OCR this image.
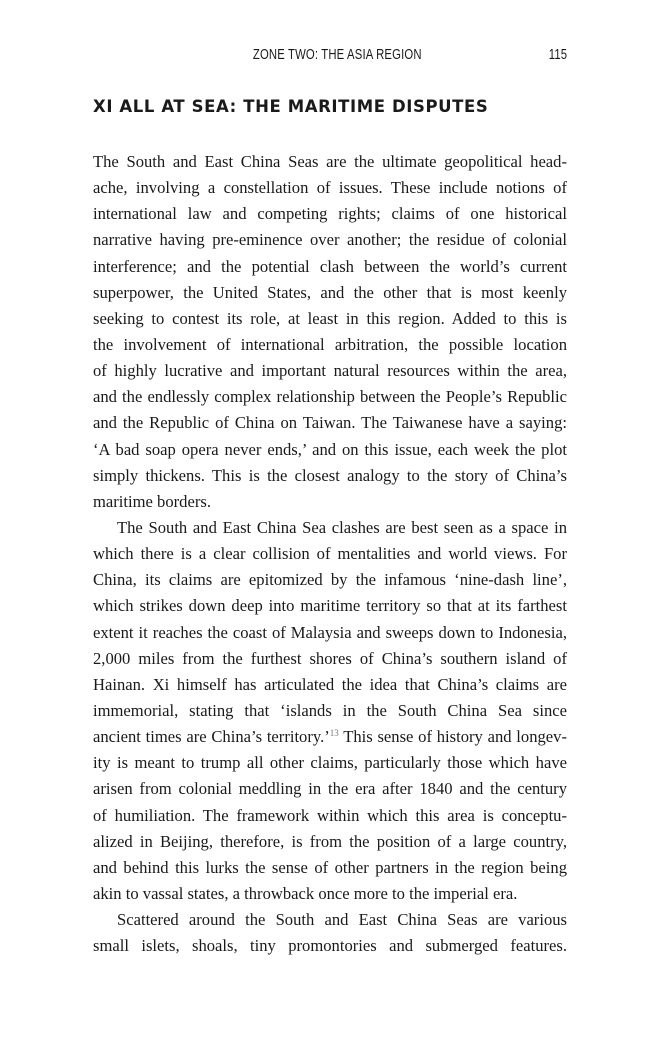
ZONE TWO: THE ASIA REGION	115
XI ALL AT SEA: THE MARITIME DISPUTES
The South and East China Seas are the ultimate geopolitical head-
ache, involving a constellation of issues. These include notions of
international law and competing rights; claims of one historical
narrative having pre-eminence over another; the residue of colonial
interference; and the potential clash between the world’s current
superpower, the United States, and the other that is most keenly
seeking to contest its role, at least in this region. Added to this is
the involvement of international arbitration, the possible location
of highly lucrative and important natural resources within the area,
and the endlessly complex relationship between the People’s Republic
and the Republic of China on Taiwan. The Taiwanese have a saying:
‘A bad soap opera never ends,’ and on this issue, each week the plot
simply thickens. This is the closest analogy to the story of China’s
maritime borders.
The South and East China Sea clashes are best seen as a space in
which there is a clear collision of mentalities and world views. For
China, its claims are epitomized by the infamous ‘nine-dash line’,
which strikes down deep into maritime territory so that at its farthest
extent it reaches the coast of Malaysia and sweeps down to Indonesia,
2,000 miles from the furthest shores of China’s southern island of
Hainan. Xi himself has articulated the idea that China’s claims are
immemorial, stating that ‘islands in the South China Sea since
ancient times are China’s territory.’$^{13}$ This sense of history and longev-
ity is meant to trump all other claims, particularly those which have
arisen from colonial meddling in the era after 1840 and the century
of humiliation. The framework within which this area is conceptu-
alized in Beijing, therefore, is from the position of a large country,
and behind this lurks the sense of other partners in the region being
akin to vassal states, a throwback once more to the imperial era.
Scattered around the South and East China Seas are various
small islets, shoals, tiny promontories and submerged features.
